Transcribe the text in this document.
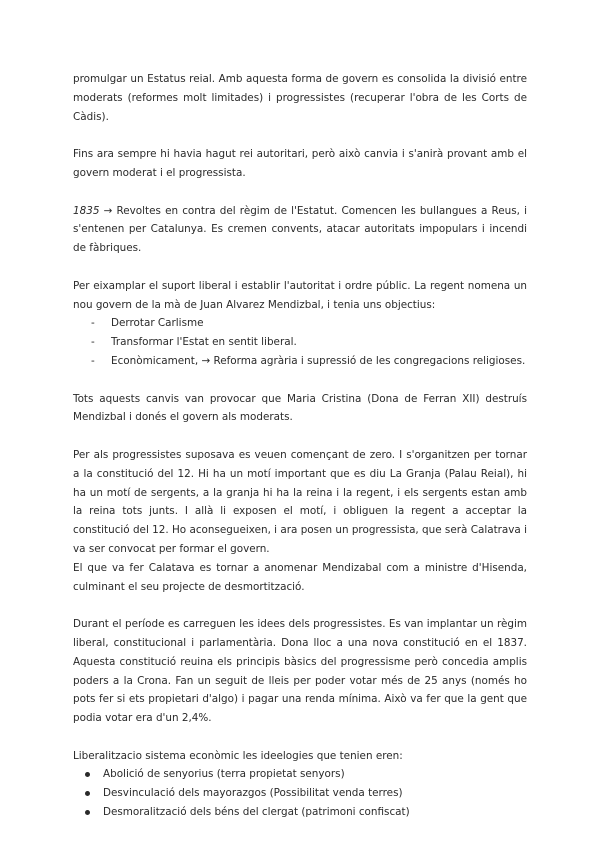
promulgar un Estatus reial. Amb aquesta forma de govern es consolida la divisió entre moderats (reformes molt limitades) i progressistes (recuperar l'obra de les Corts de Càdis).

Fins ara sempre hi havia hagut rei autoritari, però això canvia i s'anirà provant amb el govern moderat i el progressista.

1835 → Revoltes en contra del règim de l'Estatut. Comencen les bullangues a Reus, i s'entenen per Catalunya. Es cremen convents, atacar autoritats impopulars i incendi de fàbriques.

Per eixamplar el suport liberal i establir l'autoritat i ordre públic. La regent nomena un nou govern de la mà de Juan Alvarez Mendizbal, i tenia uns objectius:

- Derrotar Carlisme
- Transformar l'Estat en sentit liberal.
- Econòmicament, → Reforma agrària i supressió de les congregacions religioses.

Tots aquests canvis van provocar que Maria Cristina (Dona de Ferran XII) destruís Mendizbal i donés el govern als moderats.

Per als progressistes suposava es veuen començant de zero. I s'organitzen per tornar a la constitució del 12. Hi ha un motí important que es diu La Granja (Palau Reial), hi ha un motí de sergents, a la granja hi ha la reina i la regent, i els sergents estan amb la reina tots junts. I allà li exposen el motí, i obliguen la regent a acceptar la constitució del 12. Ho aconsegueixen, i ara posen un progressista, que serà Calatrava i va ser convocat per formar el govern.

El que va fer Calatava es tornar a anomenar Mendizabal com a ministre d'Hisenda, culminant el seu projecte de desmortització.

Durant el període es carreguen les idees dels progressistes. Es van implantar un règim liberal, constitucional i parlamentària. Dona lloc a una nova constitució en el 1837. Aquesta constitució reuina els principis bàsics del progressisme però concedia amplis poders a la Crona. Fan un seguit de lleis per poder votar més de 25 anys (només ho pots fer si ets propietari d'algo) i pagar una renda mínima. Això va fer que la gent que podia votar era d'un 2,4%.

Liberalitzacio sistema econòmic les ideelogies que tenien eren:

Abolició de senyorius (terra propietat senyors)
Desvinculació dels mayorazgos (Possibilitat venda terres)
Desmoralització dels béns del clergat (patrimoni confiscat)
